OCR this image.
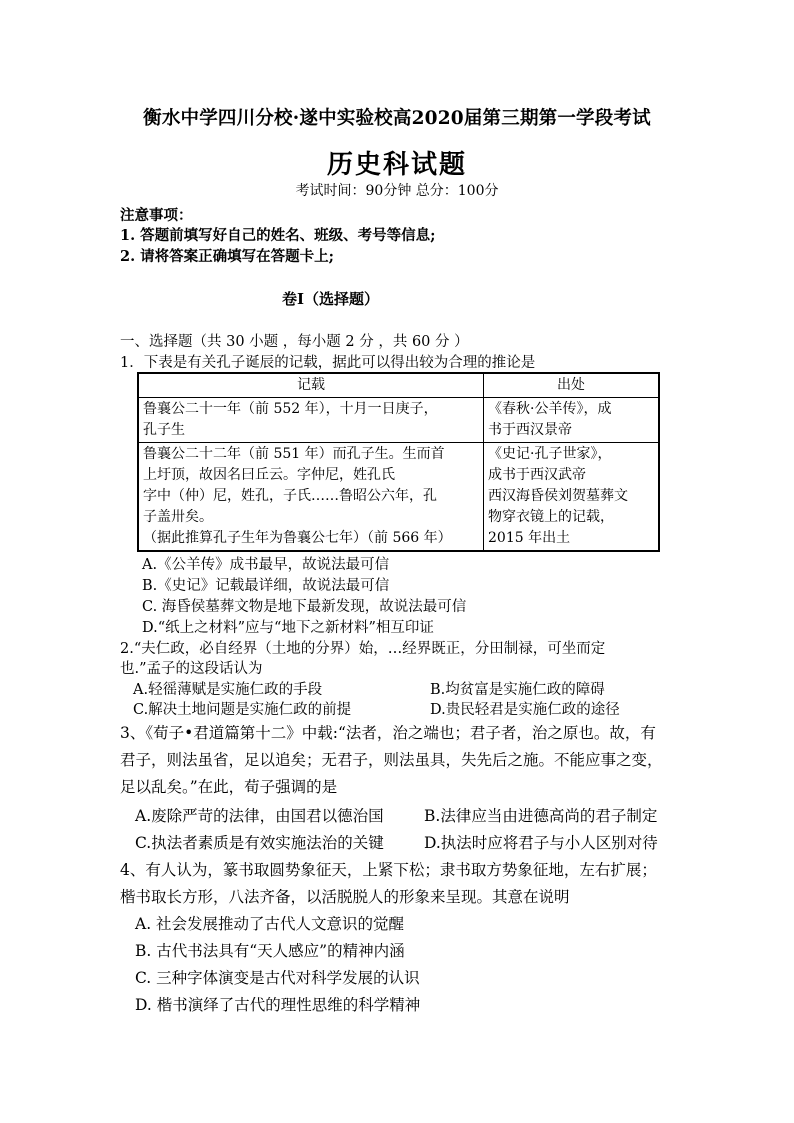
衡水中学四川分校·遂中实验校高2020届第三期第一学段考试
历史科试题
考试时间：90分钟 总分：100分
注意事项：
1. 答题前填写好自己的姓名、班级、考号等信息;
2. 请将答案正确填写在答题卡上;
卷I（选择题）
一、选择题（共 30 小题 ，每小题 2 分 ，共 60 分 ）
1．下表是有关孔子诞辰的记载，据此可以得出较为合理的推论是
记载	出处

鲁襄公二十一年（前 552 年），十月一日庚子，
孔子生	《春秋·公羊传》，成
书于西汉景帝

鲁襄公二十二年（前 551 年）而孔子生。生而首
上圩顶，故因名曰丘云。字仲尼，姓孔氏
字中（仲）尼，姓孔，子氏……鲁昭公六年，孔
子盖卅矣。
（据此推算孔子生年为鲁襄公七年）（前 566 年）	《史记·孔子世家》，
成书于西汉武帝
西汉海昏侯刘贺墓葬文
物穿衣镜上的记载，
2015 年出土
A.《公羊传》成书最早，故说法最可信
B.《史记》记载最详细，故说法最可信
C. 海昏侯墓葬文物是地下最新发现，故说法最可信
D.“纸上之材料”应与“地下之新材料”相互印证
2.“夫仁政，必自经界（土地的分界）始，…经界既正，分田制禄，可坐而定
也.”孟子的这段话认为
A.轻徭薄赋是实施仁政的手段	B.均贫富是实施仁政的障碍
C.解决土地问题是实施仁政的前提	D.贵民轻君是实施仁政的途径
3、《荀子•君道篇第十二》中载:“法者，治之端也；君子者，治之原也。故，有
君子，则法虽省，足以追矣；无君子，则法虽具，失先后之施。不能应事之变，
足以乱矣。”在此，荀子强调的是
A.废除严苛的法律，由国君以德治国	B.法律应当由进德高尚的君子制定
C.执法者素质是有效实施法治的关键	D.执法时应将君子与小人区别对待
4、有人认为，篆书取圆势象征天，上紧下松；隶书取方势象征地，左右扩展；
楷书取长方形，八法齐备，以活脱脱人的形象来呈现。其意在说明
A. 社会发展推动了古代人文意识的觉醒
B. 古代书法具有“天人感应”的精神内涵
C. 三种字体演变是古代对科学发展的认识
D. 楷书演绎了古代的理性思维的科学精神
